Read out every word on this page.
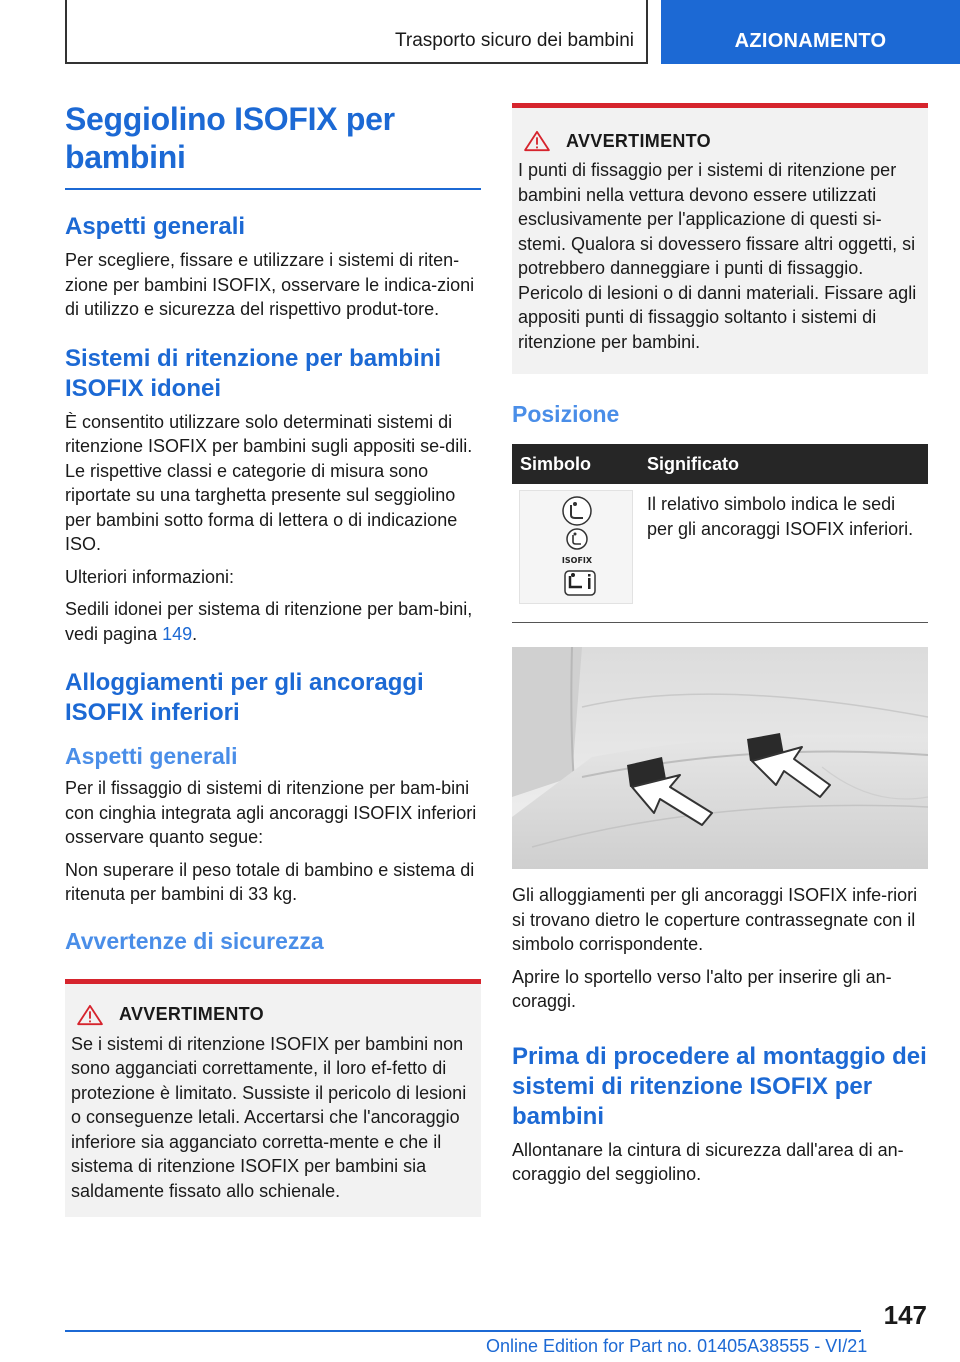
Trasporto sicuro dei bambini	AZIONAMENTO
Seggiolino ISOFIX per
bambini
Aspetti generali

Per scegliere, fissare e utilizzare i sistemi di riten-zione per bambini ISOFIX, osservare le indica-zioni di utilizzo e sicurezza del rispettivo produt-tore.

Sistemi di ritenzione per bambini ISOFIX idonei

È consentito utilizzare solo determinati sistemi di ritenzione ISOFIX per bambini sugli appositi se-dili. Le rispettive classi e categorie di misura sono riportate su una targhetta presente sul seggiolino per bambini sotto forma di lettera o di indicazione ISO.

Ulteriori informazioni:

Sedili idonei per sistema di ritenzione per bam-bini, vedi pagina 149.

Alloggiamenti per gli ancoraggi ISOFIX inferiori
Aspetti generali

Per il fissaggio di sistemi di ritenzione per bam-bini con cinghia integrata agli ancoraggi ISOFIX inferiori osservare quanto segue:

Non superare il peso totale di bambino e sistema di ritenuta per bambini di 33 kg.

Avvertenze di sicurezza
AVVERTIMENTO

Se i sistemi di ritenzione ISOFIX per bambini non sono agganciati correttamente, il loro ef-fetto di protezione è limitato. Sussiste il pericolo di lesioni o conseguenze letali. Accertarsi che l'ancoraggio inferiore sia agganciato corretta-mente e che il sistema di ritenzione ISOFIX per bambini sia saldamente fissato allo schienale.

AVVERTIMENTO

I punti di fissaggio per i sistemi di ritenzione per bambini nella vettura devono essere utilizzati esclusivamente per l'applicazione di questi si-stemi. Qualora si dovessero fissare altri oggetti, si potrebbero danneggiare i punti di fissaggio. Pericolo di lesioni o di danni materiali. Fissare agli appositi punti di fissaggio soltanto i sistemi di ritenzione per bambini.

Posizione
Simbolo	Significato

ISOFIX	Il relativo simbolo indica le sedi per gli ancoraggi ISOFIX inferiori.

Gli alloggiamenti per gli ancoraggi ISOFIX infe-riori si trovano dietro le coperture contrassegnate con il simbolo corrispondente.

Aprire lo sportello verso l'alto per inserire gli an-coraggi.

Prima di procedere al montaggio dei sistemi di ritenzione ISOFIX per bambini

Allontanare la cintura di sicurezza dall'area di an-coraggio del seggiolino.

147
Online Edition for Part no. 01405A38555 - VI/21
